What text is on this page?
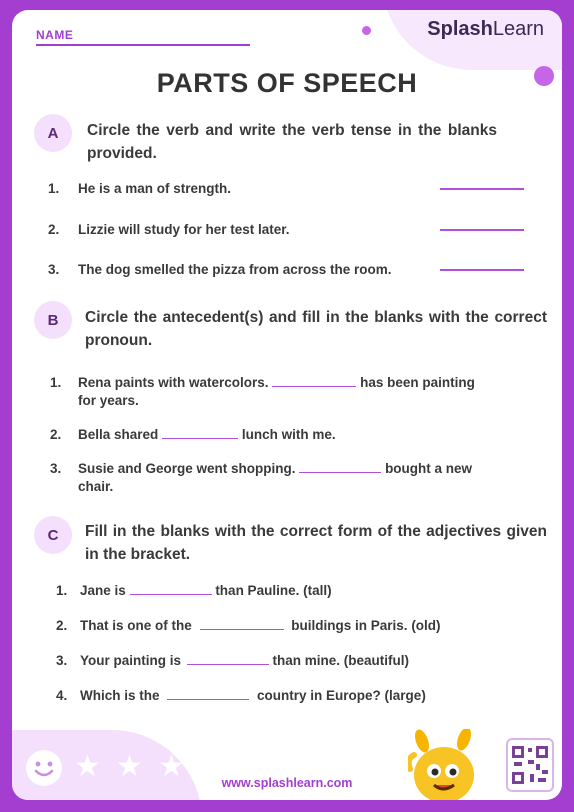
NAME	SplashLearn
PARTS OF SPEECH
A	Circle the verb and write the verb tense in the blanks provided.
1. He is a man of strength.
2. Lizzie will study for her test later.
3. The dog smelled the pizza from across the room.
B	Circle the antecedent(s) and fill in the blanks with the correct pronoun.
1. Rena paints with watercolors.	has been painting
for years.
2. Bella shared	lunch with me.
3. Susie and George went shopping.	bought a new
chair.
C	Fill in the blanks with the correct form of the adjectives given in the bracket.
1. Jane is	than Pauline. (tall)
2. That is one of the	buildings in Paris. (old)
3. Your painting is	than mine. (beautiful)
4. Which is the	country in Europe? (large)
★ ★ ★	www.splashlearn.com
